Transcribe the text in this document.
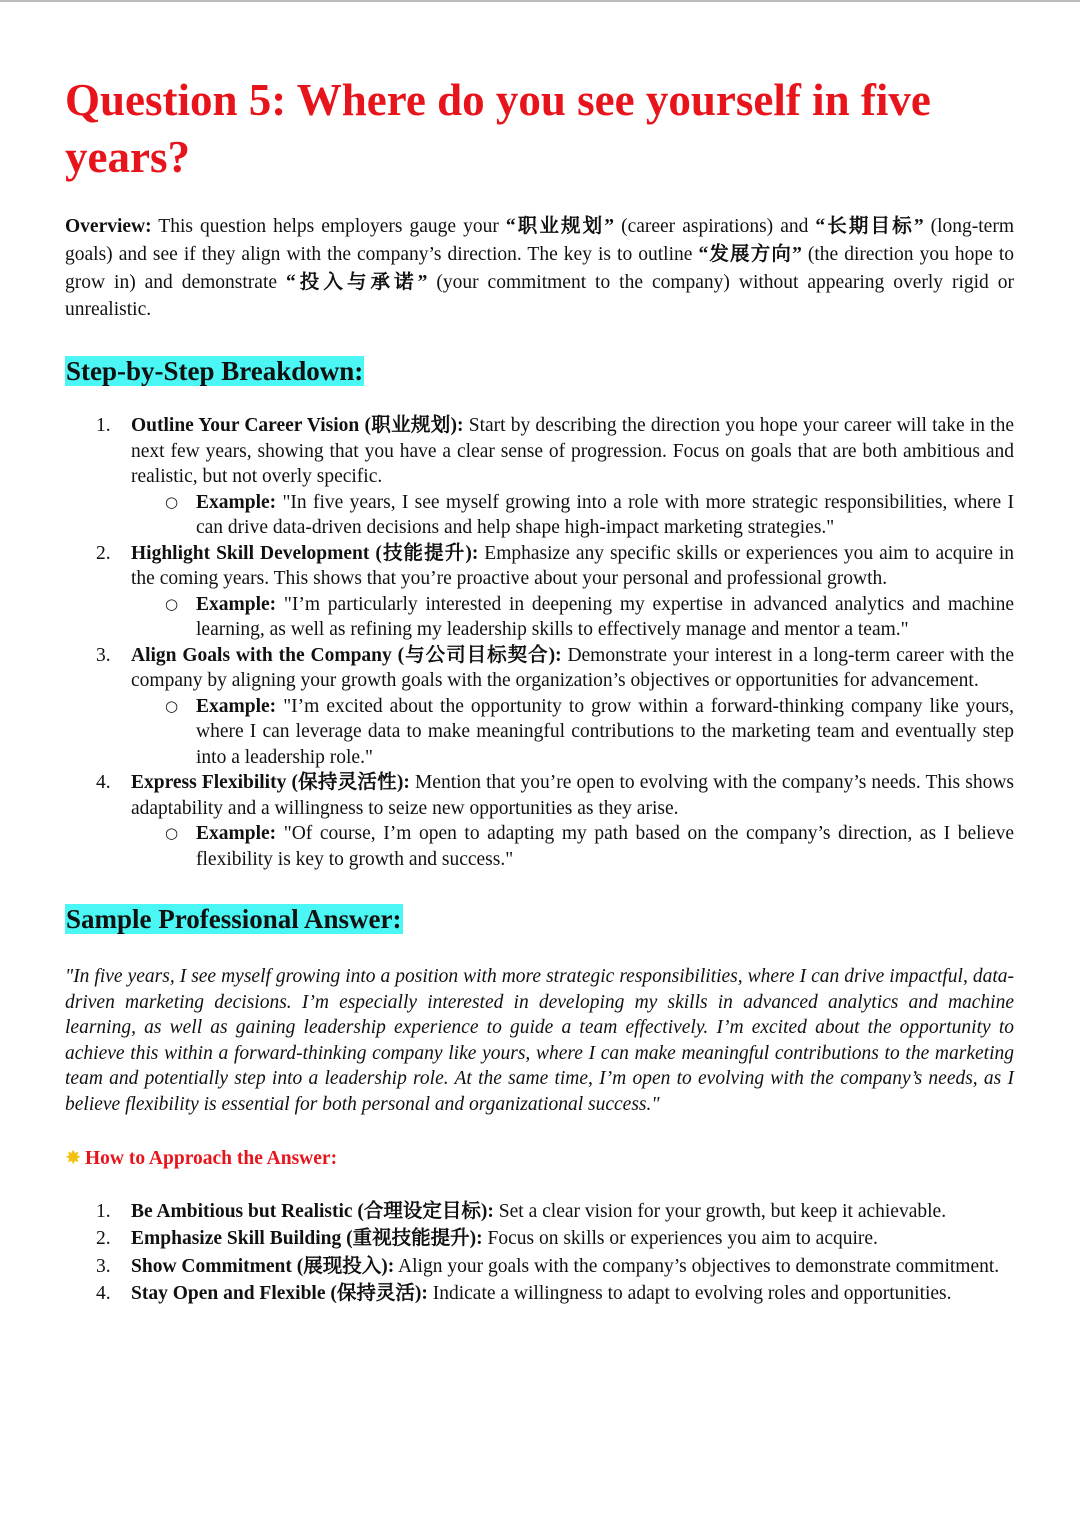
Question 5: Where do you see yourself in five years?

Overview: This question helps employers gauge your “职业规划” (career aspirations) and “长期目标” (long-term goals) and see if they align with the company’s direction. The key is to outline “发展方向” (the direction you hope to grow in) and demonstrate “投入与承诺” (your commitment to the company) without appearing overly rigid or unrealistic.

Step-by-Step Breakdown:
1. Outline Your Career Vision (职业规划): Start by describing the direction you hope your career will take in the next few years, showing that you have a clear sense of progression. Focus on goals that are both ambitious and realistic, but not overly specific.
○ Example: "In five years, I see myself growing into a role with more strategic responsibilities, where I can drive data-driven decisions and help shape high-impact marketing strategies."
2. Highlight Skill Development (技能提升): Emphasize any specific skills or experiences you aim to acquire in the coming years. This shows that you’re proactive about your personal and professional growth.
○ Example: "I’m particularly interested in deepening my expertise in advanced analytics and machine learning, as well as refining my leadership skills to effectively manage and mentor a team."
3. Align Goals with the Company (与公司目标契合): Demonstrate your interest in a long-term career with the company by aligning your growth goals with the organization’s objectives or opportunities for advancement.
○ Example: "I’m excited about the opportunity to grow within a forward-thinking company like yours, where I can leverage data to make meaningful contributions to the marketing team and eventually step into a leadership role."
4. Express Flexibility (保持灵活性): Mention that you’re open to evolving with the company’s needs. This shows adaptability and a willingness to seize new opportunities as they arise.
○ Example: "Of course, I’m open to adapting my path based on the company’s direction, as I believe flexibility is key to growth and success."
Sample Professional Answer:

"In five years, I see myself growing into a position with more strategic responsibilities, where I can drive impactful, data-driven marketing decisions. I’m especially interested in developing my skills in advanced analytics and machine learning, as well as gaining leadership experience to guide a team effectively. I’m excited about the opportunity to achieve this within a forward-thinking company like yours, where I can make meaningful contributions to the marketing team and potentially step into a leadership role. At the same time, I’m open to evolving with the company’s needs, as I believe flexibility is essential for both personal and organizational success."

✸ How to Approach the Answer:
1. Be Ambitious but Realistic (合理设定目标): Set a clear vision for your growth, but keep it achievable.
2. Emphasize Skill Building (重视技能提升): Focus on skills or experiences you aim to acquire.
3. Show Commitment (展现投入): Align your goals with the company’s objectives to demonstrate commitment.
4. Stay Open and Flexible (保持灵活): Indicate a willingness to adapt to evolving roles and opportunities.
